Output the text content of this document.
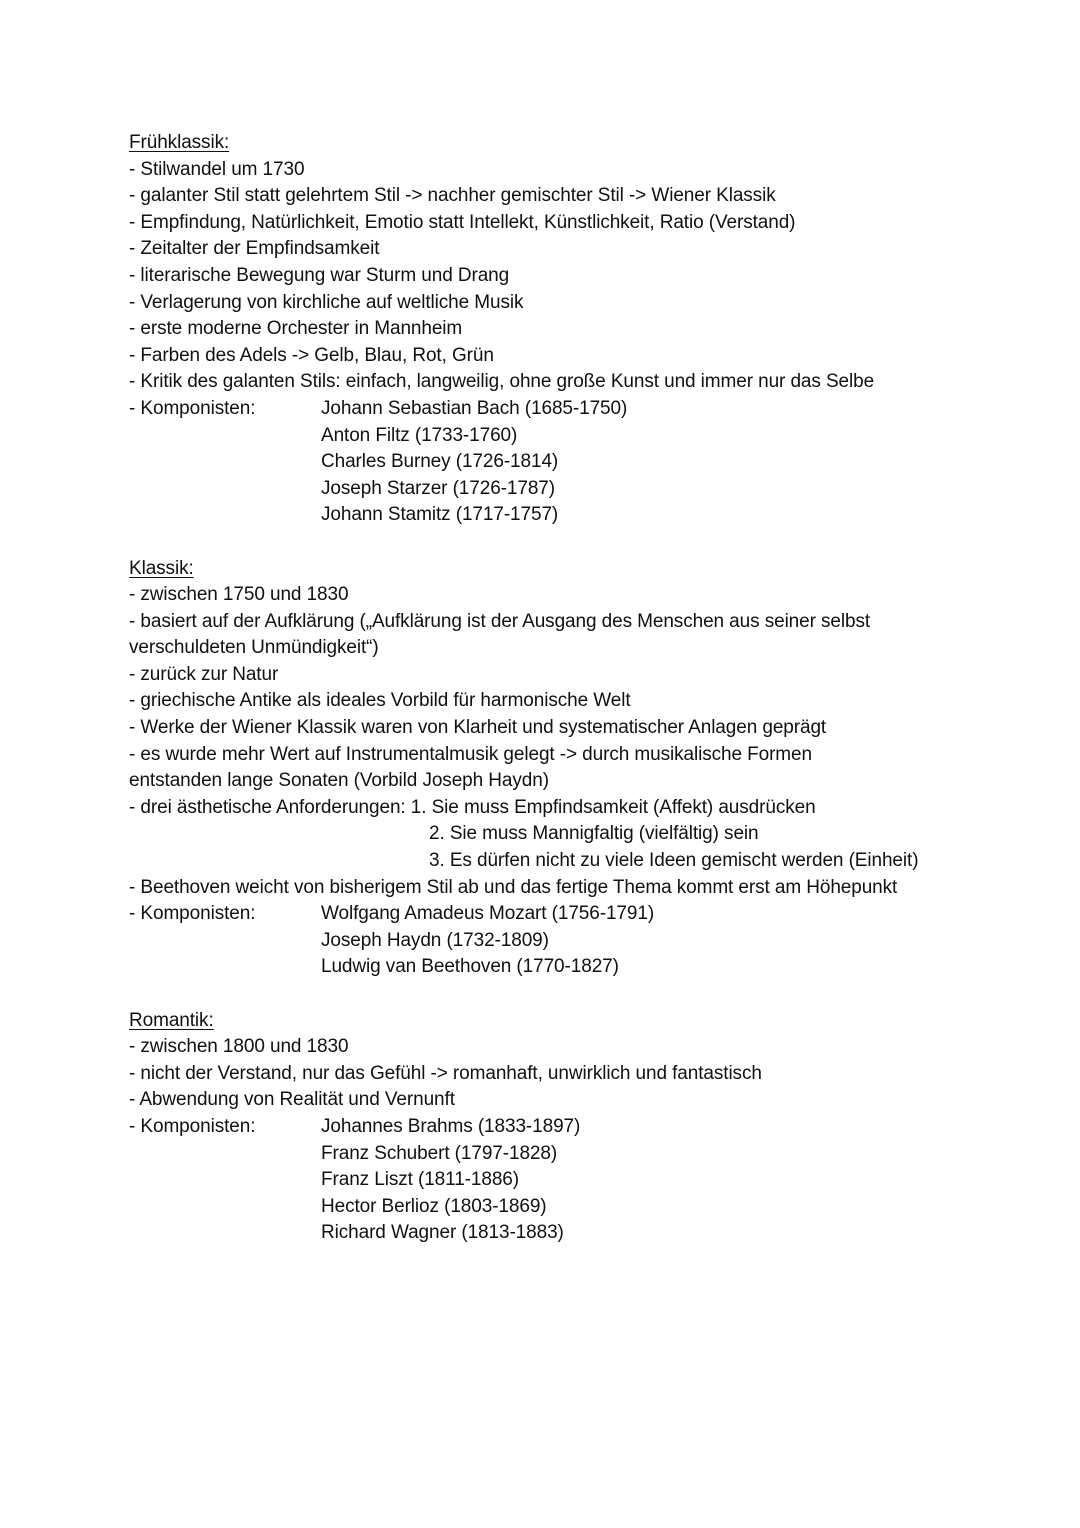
Frühklassik:
- Stilwandel um 1730
- galanter Stil statt gelehrtem Stil -> nachher gemischter Stil -> Wiener Klassik
- Empfindung, Natürlichkeit, Emotio statt Intellekt, Künstlichkeit, Ratio (Verstand)
- Zeitalter der Empfindsamkeit
- literarische Bewegung war Sturm und Drang
- Verlagerung von kirchliche auf weltliche Musik
- erste moderne Orchester in Mannheim
- Farben des Adels -> Gelb, Blau, Rot, Grün
- Kritik des galanten Stils: einfach, langweilig, ohne große Kunst und immer nur das Selbe
- Komponisten:	Johann Sebastian Bach (1685-1750)
Anton Filtz (1733-1760)
Charles Burney (1726-1814)
Joseph Starzer (1726-1787)
Johann Stamitz (1717-1757)
Klassik:
- zwischen 1750 und 1830
- basiert auf der Aufklärung („Aufklärung ist der Ausgang des Menschen aus seiner selbst
verschuldeten Unmündigkeit“)
- zurück zur Natur
- griechische Antike als ideales Vorbild für harmonische Welt
- Werke der Wiener Klassik waren von Klarheit und systematischer Anlagen geprägt
- es wurde mehr Wert auf Instrumentalmusik gelegt -> durch musikalische Formen
entstanden lange Sonaten (Vorbild Joseph Haydn)
- drei ästhetische Anforderungen: 1. Sie muss Empfindsamkeit (Affekt) ausdrücken
2. Sie muss Mannigfaltig (vielfältig) sein
3. Es dürfen nicht zu viele Ideen gemischt werden (Einheit)
- Beethoven weicht von bisherigem Stil ab und das fertige Thema kommt erst am Höhepunkt
- Komponisten:	Wolfgang Amadeus Mozart (1756-1791)
Joseph Haydn (1732-1809)
Ludwig van Beethoven (1770-1827)
Romantik:
- zwischen 1800 und 1830
- nicht der Verstand, nur das Gefühl -> romanhaft, unwirklich und fantastisch
- Abwendung von Realität und Vernunft
- Komponisten:	Johannes Brahms (1833-1897)
Franz Schubert (1797-1828)
Franz Liszt (1811-1886)
Hector Berlioz (1803-1869)
Richard Wagner (1813-1883)
